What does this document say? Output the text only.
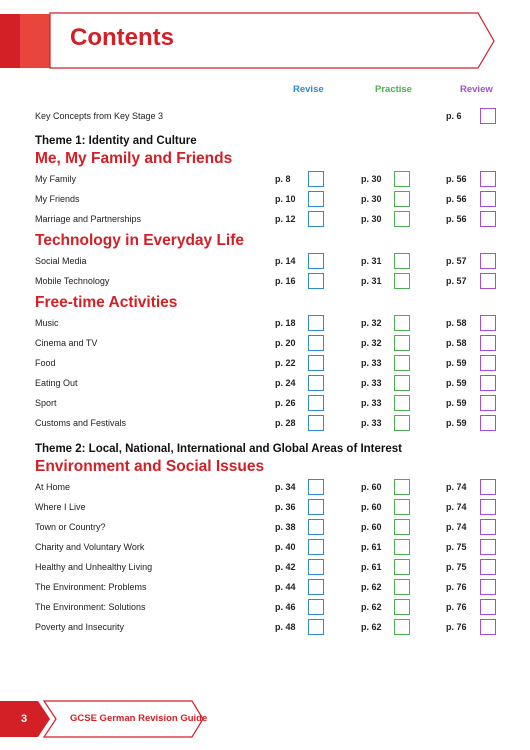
Contents
Revise	Practise	Review
Key Concepts from Key Stage 3	p. 6
Theme 1: Identity and Culture
Me, My Family and Friends
My Family	p. 8	p. 30	p. 56
My Friends	p. 10	p. 30	p. 56
Marriage and Partnerships	p. 12	p. 30	p. 56
Technology in Everyday Life
Social Media	p. 14	p. 31	p. 57
Mobile Technology	p. 16	p. 31	p. 57
Free-time Activities
Music	p. 18	p. 32	p. 58
Cinema and TV	p. 20	p. 32	p. 58
Food	p. 22	p. 33	p. 59
Eating Out	p. 24	p. 33	p. 59
Sport	p. 26	p. 33	p. 59
Customs and Festivals	p. 28	p. 33	p. 59
Theme 2: Local, National, International and Global Areas of Interest
Environment and Social Issues
At Home	p. 34	p. 60	p. 74
Where I Live	p. 36	p. 60	p. 74
Town or Country?	p. 38	p. 60	p. 74
Charity and Voluntary Work	p. 40	p. 61	p. 75
Healthy and Unhealthy Living	p. 42	p. 61	p. 75
The Environment: Problems	p. 44	p. 62	p. 76
The Environment: Solutions	p. 46	p. 62	p. 76
Poverty and Insecurity	p. 48	p. 62	p. 76
3	GCSE German Revision Guide
